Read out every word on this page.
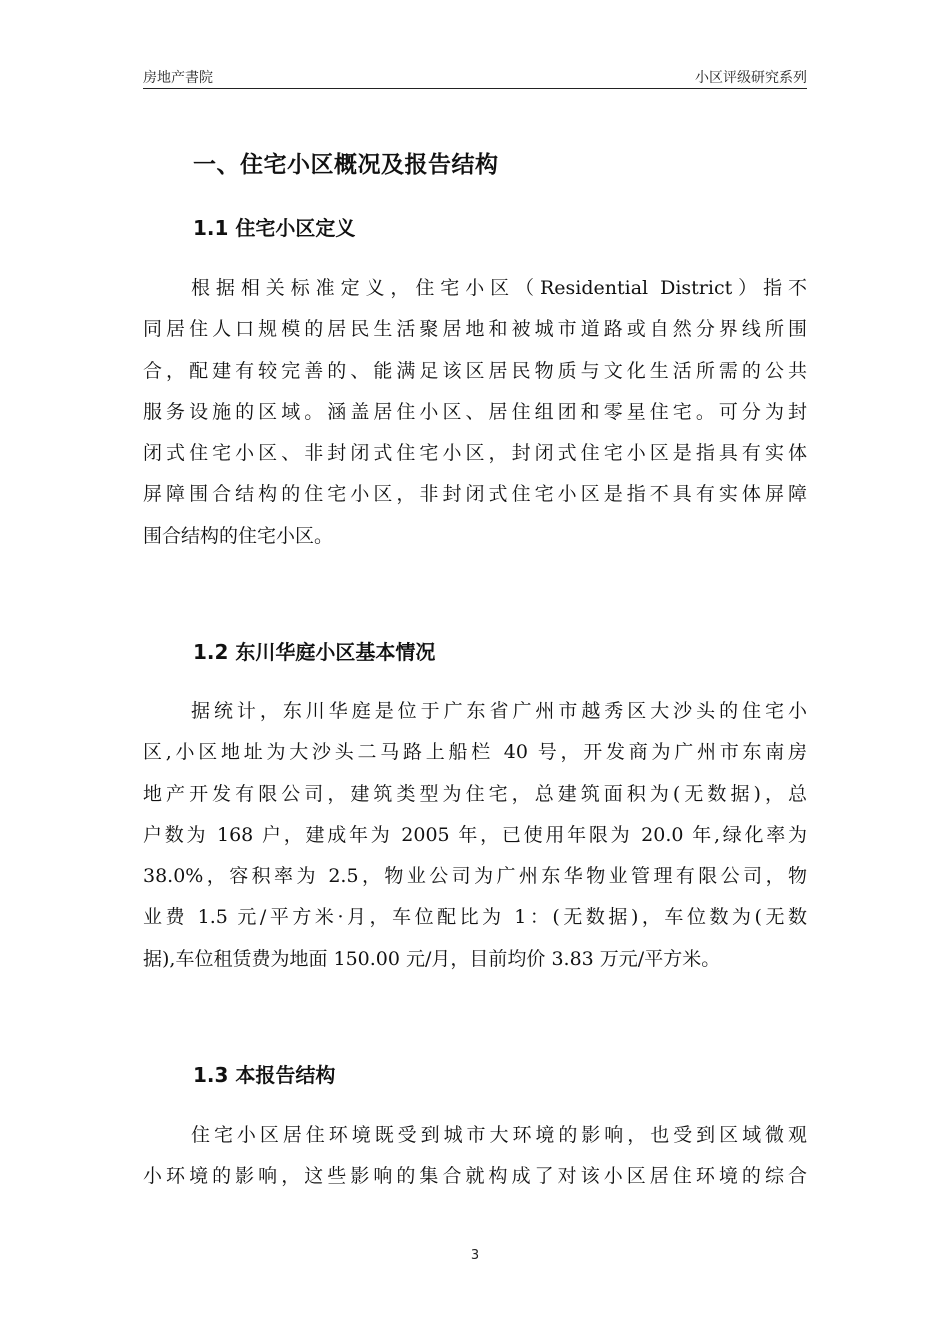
房地产書院	小区评级研究系列
一、住宅小区概况及报告结构
1.1 住宅小区定义
根据相关标准定义，住宅小区（Residential District）指不
同居住人口规模的居民生活聚居地和被城市道路或自然分界线所围
合，配建有较完善的、能满足该区居民物质与文化生活所需的公共
服务设施的区域。涵盖居住小区、居住组团和零星住宅。可分为封
闭式住宅小区、非封闭式住宅小区，封闭式住宅小区是指具有实体
屏障围合结构的住宅小区，非封闭式住宅小区是指不具有实体屏障
围合结构的住宅小区。
1.2 东川华庭小区基本情况
据统计，东川华庭是位于广东省广州市越秀区大沙头的住宅小
区,小区地址为大沙头二马路上船栏 40 号，开发商为广州市东南房
地产开发有限公司，建筑类型为住宅，总建筑面积为(无数据)，总
户数为 168 户，建成年为 2005 年，已使用年限为 20.0 年,绿化率为
38.0%，容积率为 2.5，物业公司为广州东华物业管理有限公司，物
业费 1.5 元/平方米·月，车位配比为 1：(无数据)，车位数为(无数
据),车位租赁费为地面 150.00 元/月，目前均价 3.83 万元/平方米。
1.3 本报告结构
住宅小区居住环境既受到城市大环境的影响，也受到区域微观
小环境的影响，这些影响的集合就构成了对该小区居住环境的综合
3
